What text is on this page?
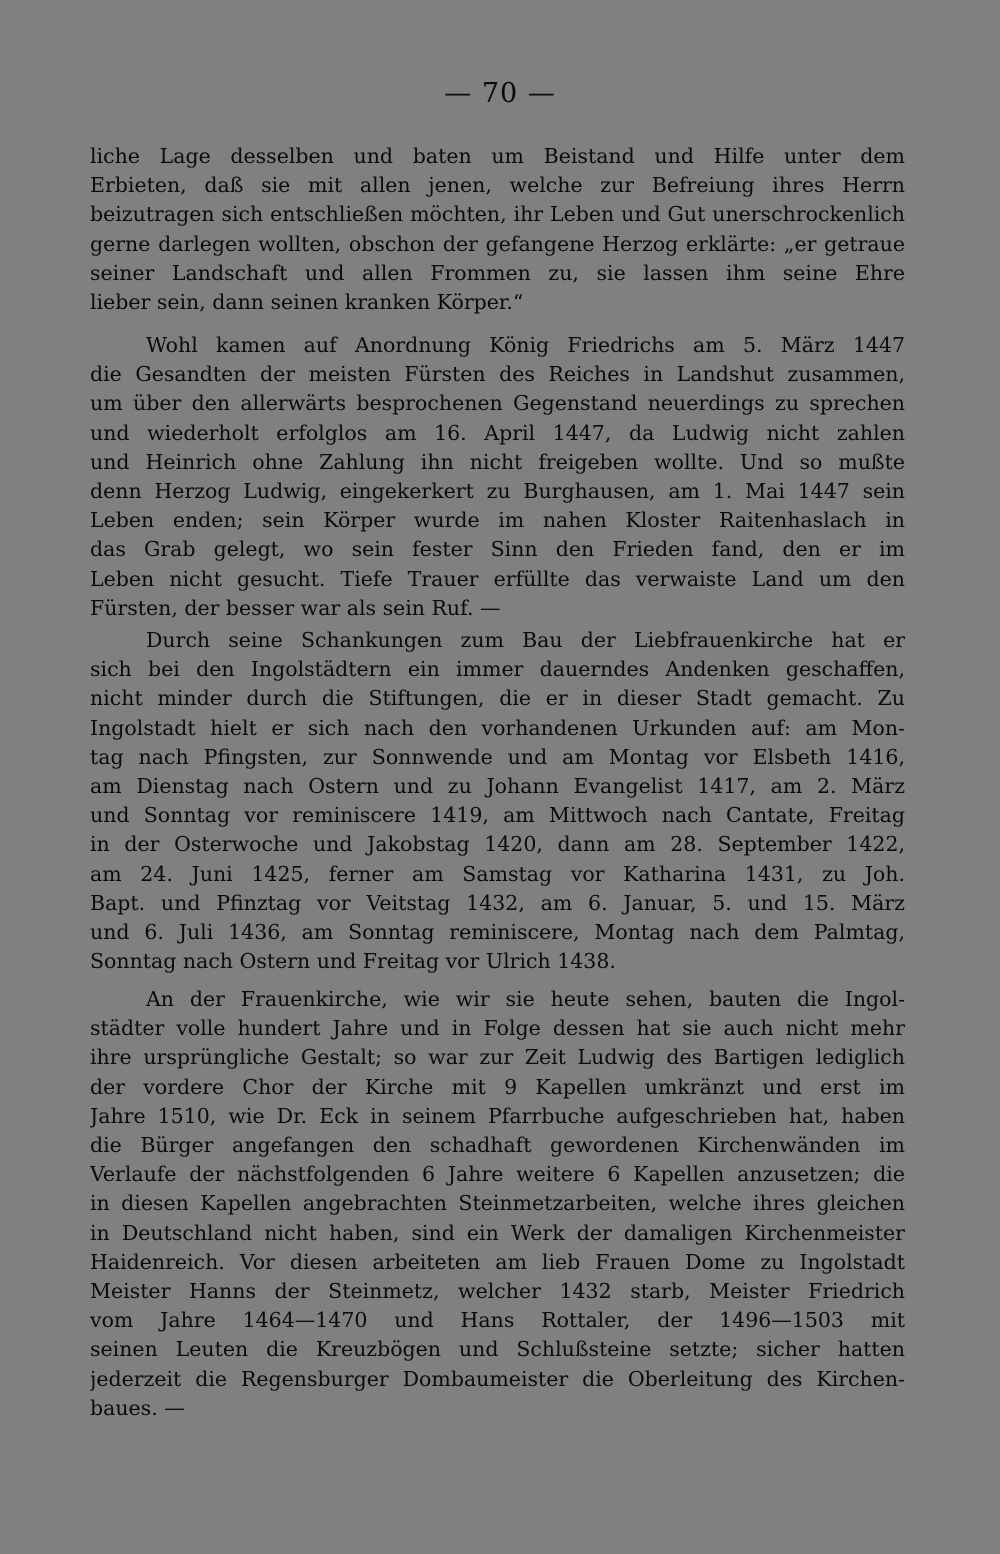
— 70 —
liche Lage desselben und baten um Beistand und Hilfe unter dem
Erbieten, daß sie mit allen jenen, welche zur Befreiung ihres Herrn
beizutragen sich entschließen möchten, ihr Leben und Gut unerschrockenlich
gerne darlegen wollten, obschon der gefangene Herzog erklärte: „er getraue
seiner Landschaft und allen Frommen zu, sie lassen ihm seine Ehre
lieber sein, dann seinen kranken Körper.“
Wohl kamen auf Anordnung König Friedrichs am 5. März 1447
die Gesandten der meisten Fürsten des Reiches in Landshut zusammen,
um über den allerwärts besprochenen Gegenstand neuerdings zu sprechen
und wiederholt erfolglos am 16. April 1447, da Ludwig nicht zahlen
und Heinrich ohne Zahlung ihn nicht freigeben wollte. Und so mußte
denn Herzog Ludwig, eingekerkert zu Burghausen, am 1. Mai 1447 sein
Leben enden; sein Körper wurde im nahen Kloster Raitenhaslach in
das Grab gelegt, wo sein fester Sinn den Frieden fand, den er im
Leben nicht gesucht. Tiefe Trauer erfüllte das verwaiste Land um den
Fürsten, der besser war als sein Ruf. —
Durch seine Schankungen zum Bau der Liebfrauenkirche hat er
sich bei den Ingolstädtern ein immer dauerndes Andenken geschaffen,
nicht minder durch die Stiftungen, die er in dieser Stadt gemacht. Zu
Ingolstadt hielt er sich nach den vorhandenen Urkunden auf: am Mon-
tag nach Pfingsten, zur Sonnwende und am Montag vor Elsbeth 1416,
am Dienstag nach Ostern und zu Johann Evangelist 1417, am 2. März
und Sonntag vor reminiscere 1419, am Mittwoch nach Cantate, Freitag
in der Osterwoche und Jakobstag 1420, dann am 28. September 1422,
am 24. Juni 1425, ferner am Samstag vor Katharina 1431, zu Joh.
Bapt. und Pfinztag vor Veitstag 1432, am 6. Januar, 5. und 15. März
und 6. Juli 1436, am Sonntag reminiscere, Montag nach dem Palmtag,
Sonntag nach Ostern und Freitag vor Ulrich 1438.
An der Frauenkirche, wie wir sie heute sehen, bauten die Ingol-
städter volle hundert Jahre und in Folge dessen hat sie auch nicht mehr
ihre ursprüngliche Gestalt; so war zur Zeit Ludwig des Bartigen lediglich
der vordere Chor der Kirche mit 9 Kapellen umkränzt und erst im
Jahre 1510, wie Dr. Eck in seinem Pfarrbuche aufgeschrieben hat, haben
die Bürger angefangen den schadhaft gewordenen Kirchenwänden im
Verlaufe der nächstfolgenden 6 Jahre weitere 6 Kapellen anzusetzen; die
in diesen Kapellen angebrachten Steinmetzarbeiten, welche ihres gleichen
in Deutschland nicht haben, sind ein Werk der damaligen Kirchenmeister
Haidenreich. Vor diesen arbeiteten am lieb Frauen Dome zu Ingolstadt
Meister Hanns der Steinmetz, welcher 1432 starb, Meister Friedrich
vom Jahre 1464—1470 und Hans Rottaler, der 1496—1503 mit
seinen Leuten die Kreuzbögen und Schlußsteine setzte; sicher hatten
jederzeit die Regensburger Dombaumeister die Oberleitung des Kirchen-
baues. —
